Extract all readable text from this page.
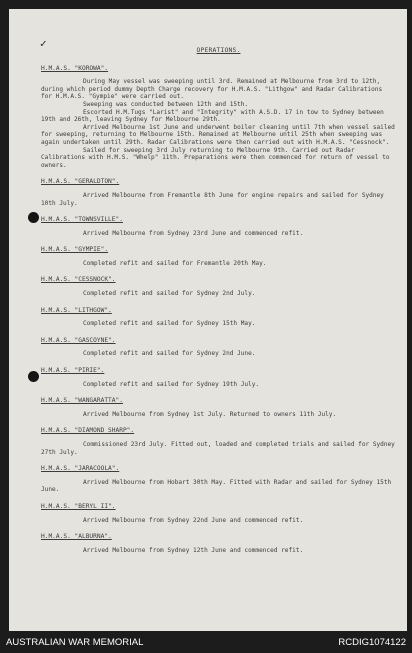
✓
OPERATIONS.
H.M.A.S. "KOROWA".

During May vessel was sweeping until 3rd. Remained at Melbourne from 3rd to 12th, during which period dummy Depth Charge recovery for H.M.A.S. "Lithgow" and Radar Calibrations for H.M.A.S. "Gympie" were carried out.

Sweeping was conducted between 12th and 15th.

Escorted H.M.Tugs "Larist" and "Integrity" with A.S.D. 17 in tow to Sydney between 19th and 26th, leaving Sydney for Melbourne 29th.

Arrived Melbourne 1st June and underwent boiler cleaning until 7th when vessel sailed for sweeping, returning to Melbourne 15th. Remained at Melbourne until 25th when sweeping was again undertaken until 29th. Radar Calibrations were then carried out with H.M.A.S. "Cessnock".

Sailed for sweeping 3rd July returning to Melbourne 9th. Carried out Radar Calibrations with H.M.S. "Whelp" 11th. Preparations were then commenced for return of vessel to owners.

H.M.A.S. "GERALDTON".

Arrived Melbourne from Fremantle 8th June for engine repairs and sailed for Sydney 10th July.

H.M.A.S. "TOWNSVILLE".

Arrived Melbourne from Sydney 23rd June and commenced refit.

H.M.A.S. "GYMPIE".

Completed refit and sailed for Fremantle 20th May.

H.M.A.S. "CESSNOCK".

Completed refit and sailed for Sydney 2nd July.

H.M.A.S. "LITHGOW".

Completed refit and sailed for Sydney 15th May.

H.M.A.S. "GASCOYNE".

Completed refit and sailed for Sydney 2nd June.

H.M.A.S. "PIRIE".

Completed refit and sailed for Sydney 19th July.

H.M.A.S. "WANGARATTA".

Arrived Melbourne from Sydney 1st July. Returned to owners 11th July.

H.M.A.S. "DIAMOND SHARP".

Commissioned 23rd July. Fitted out, loaded and completed trials and sailed for Sydney 27th July.

H.M.A.S. "JARACOOLA".

Arrived Melbourne from Hobart 30th May. Fitted with Radar and sailed for Sydney 15th June.

H.M.A.S. "BERYL II".

Arrived Melbourne from Sydney 22nd June and commenced refit.

H.M.A.S. "ALBURNA".

Arrived Melbourne from Sydney 12th June and commenced refit.

AUSTRALIAN WAR MEMORIAL	RCDIG1074122
